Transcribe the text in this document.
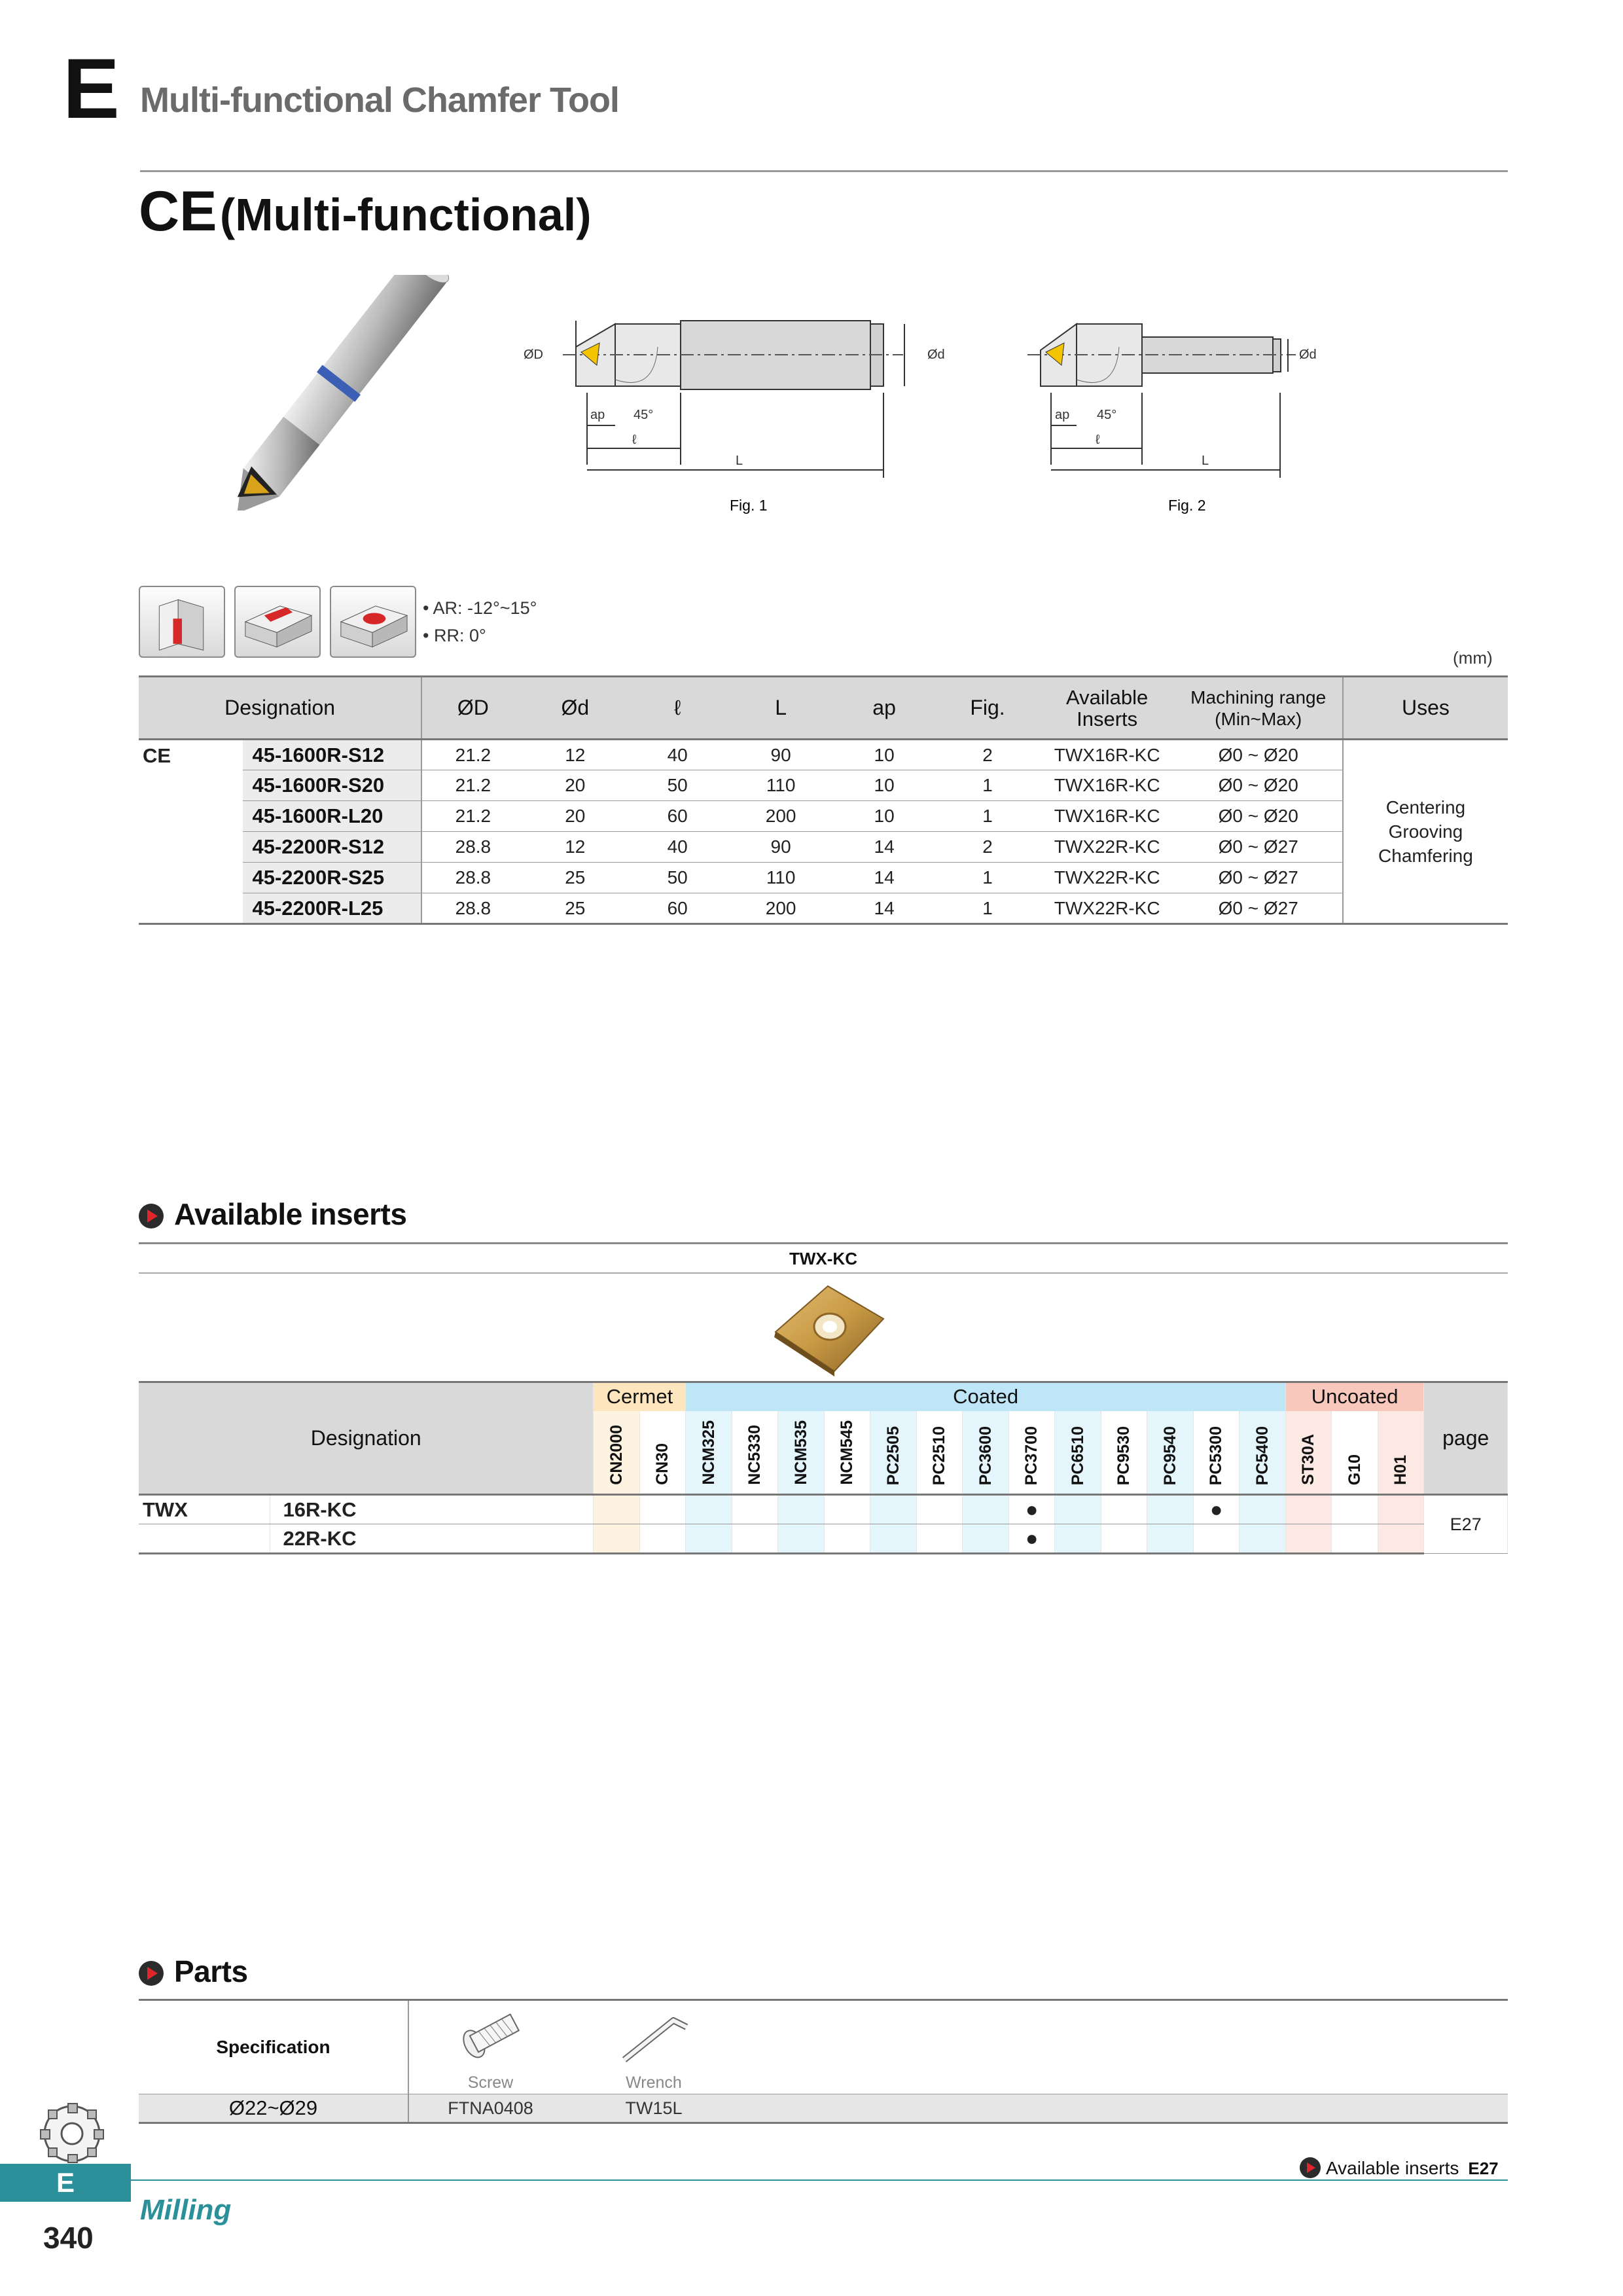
E Multi-functional Chamfer Tool
CE (Multi-functional)
ØD	Ød
ap 45°
ℓ
L
Fig. 1
Ød
ap 45°
ℓ
L
Fig. 2
• AR: -12°~15°
• RR: 0°
(mm)
Designation		ØD	Ød	ℓ	L	ap	Fig.	Available
Inserts	Machining range
(Min~Max)	Uses
CE	45-1600R-S12	21.2	12	40	90	10	2	TWX16R-KC	Ø0 ~ Ø20	Centering
Grooving
Chamfering

	45-1600R-S20	21.2	20	50	110	10	1	TWX16R-KC	Ø0 ~ Ø20	
	45-1600R-L20	21.2	20	60	200	10	1	TWX16R-KC	Ø0 ~ Ø20	
	45-2200R-S12	28.8	12	40	90	14	2	TWX22R-KC	Ø0 ~ Ø27	
	45-2200R-S25	28.8	25	50	110	14	1	TWX22R-KC	Ø0 ~ Ø27	
	45-2200R-L25	28.8	25	60	200	14	1	TWX22R-KC	Ø0 ~ Ø27	
Available inserts
TWX-KC
Designation		Cermet		Coated													Uncoated			page
		CN2000	CN30	NCM325	NC5330	NCM535	NCM545	PC2505	PC2510	PC3600	PC3700	PC6510	PC9530	PC9540	PC5300	PC5400	ST30A	G10	H01	
TWX	16R-KC										●				●					E27
	22R-KC										●									
Parts
Specification	Screw	Wrench	

Ø22~Ø29	FTNA0408	TW15L	
Available inserts E27
E
Milling
340
